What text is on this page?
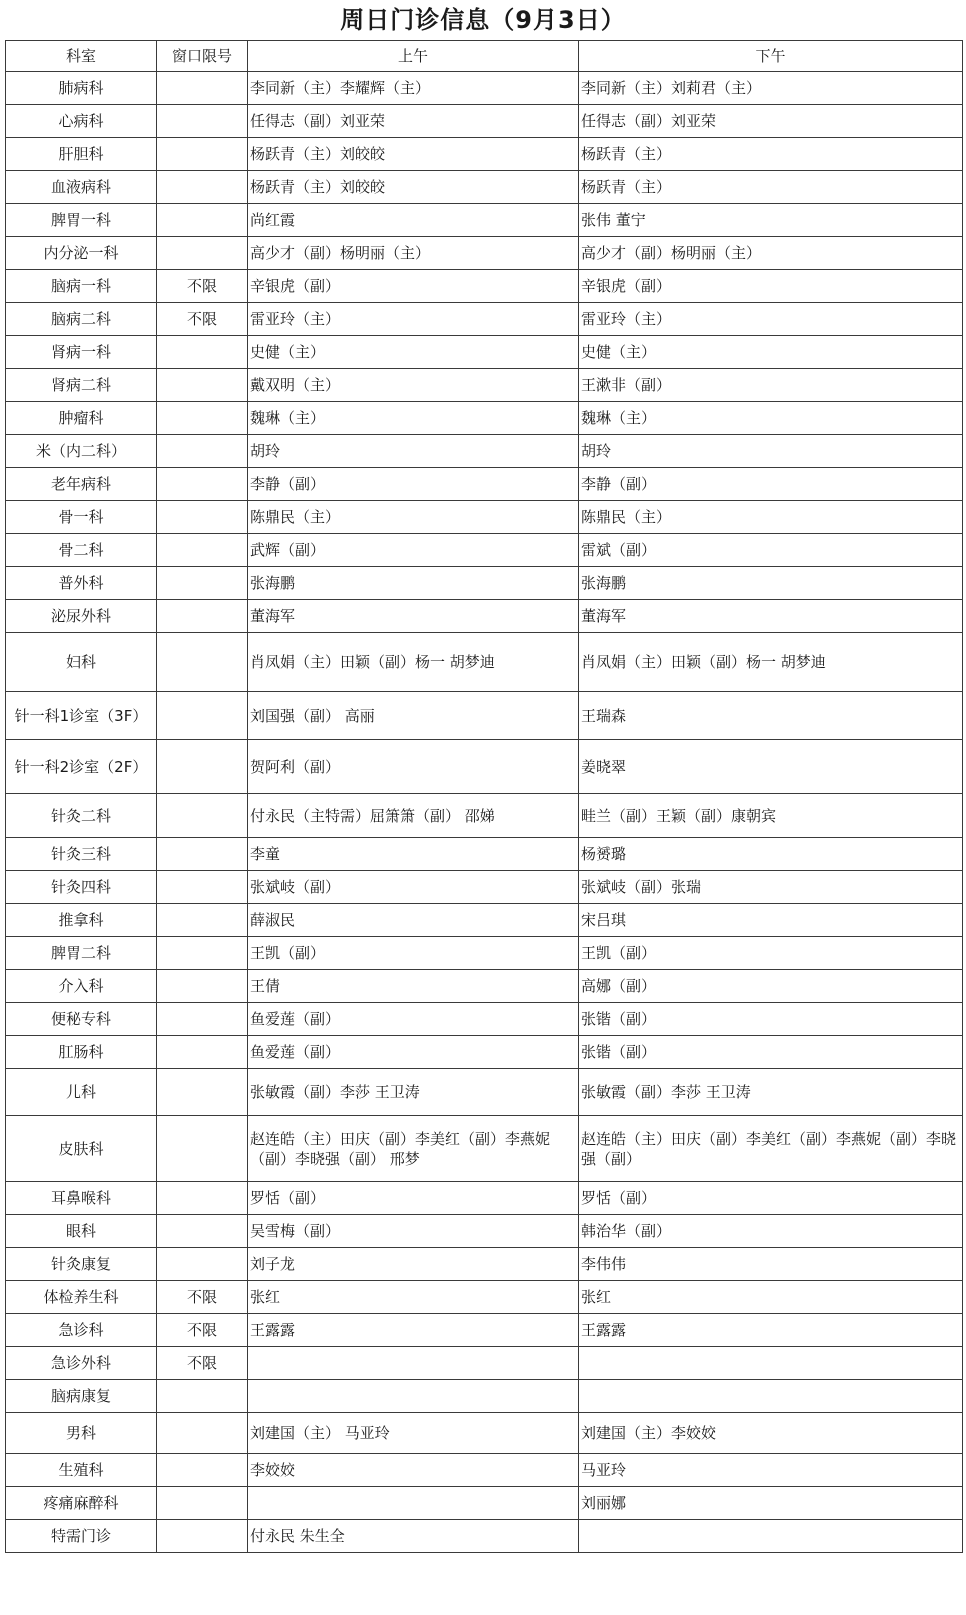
周日门诊信息（9月3日）
科室	窗口限号	上午	下午
肺病科		李同新（主）李耀辉（主）	李同新（主）刘莉君（主）
心病科		任得志（副）刘亚荣	任得志（副）刘亚荣
肝胆科		杨跃青（主）刘皎皎	杨跃青（主）
血液病科		杨跃青（主）刘皎皎	杨跃青（主）
脾胃一科		尚红霞	张伟 董宁
内分泌一科		高少才（副）杨明丽（主）	高少才（副）杨明丽（主）
脑病一科	不限	辛银虎（副）	辛银虎（副）
脑病二科	不限	雷亚玲（主）	雷亚玲（主）
肾病一科		史健（主）	史健（主）
肾病二科		戴双明（主）	王漱非（副）
肿瘤科		魏琳（主）	魏琳（主）
米（内二科）		胡玲	胡玲
老年病科		李静（副）	李静（副）
骨一科		陈鼎民（主）	陈鼎民（主）
骨二科		武辉（副）	雷斌（副）
普外科		张海鹏	张海鹏
泌尿外科		董海军	董海军
妇科		肖凤娟（主）田颖（副）杨一 胡梦迪	肖凤娟（主）田颖（副）杨一 胡梦迪
针一科1诊室（3F）		刘国强（副） 高丽	王瑞森
针一科2诊室（2F）		贺阿利（副）	姜晓翠
针灸二科		付永民（主特需）屈箫箫（副） 邵娣	畦兰（副）王颖（副）康朝宾
针灸三科		李童	杨赟璐
针灸四科		张斌岐（副）	张斌岐（副）张瑞
推拿科		薛淑民	宋吕琪
脾胃二科		王凯（副）	王凯（副）
介入科		王倩	高娜（副）
便秘专科		鱼爱莲（副）	张锴（副）
肛肠科		鱼爱莲（副）	张锴（副）
儿科		张敏霞（副）李莎 王卫涛	张敏霞（副）李莎 王卫涛
皮肤科		赵连皓（主）田庆（副）李美红（副）李燕妮（副）李晓强（副） 邢梦	赵连皓（主）田庆（副）李美红（副）李燕妮（副）李晓强（副）
耳鼻喉科		罗恬（副）	罗恬（副）
眼科		吴雪梅（副）	韩治华（副）
针灸康复		刘子龙	李伟伟
体检养生科	不限	张红	张红
急诊科	不限	王露露	王露露
急诊外科	不限		
脑病康复			
男科		刘建国（主） 马亚玲	刘建国（主）李姣姣
生殖科		李姣姣	马亚玲
疼痛麻醉科			刘丽娜
特需门诊		付永民 朱生全	
